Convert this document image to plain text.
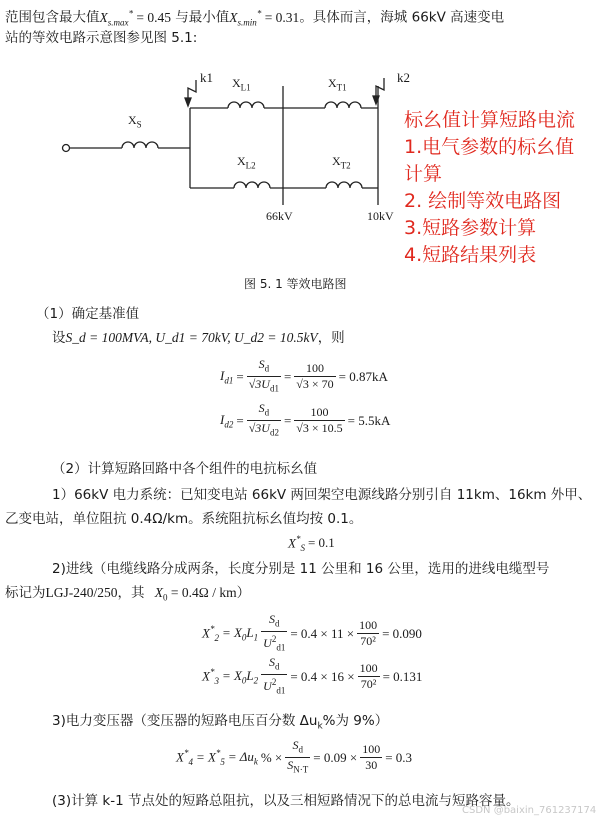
范围包含最大值$X_{s.max}^* = 0.45$ 与最小值$X_{s.min}^* = 0.31$。具体而言，海城 66kV 高速变电
站的等效电路示意图参见图 5.1:
k1	k2
$X_S$
$X_{L1}$	$X_{T1}$
$X_{L2}$	$X_{T2}$
66kV	10kV
图 5. 1 等效电路图
标幺值计算短路电流
1.电气参数的标幺值
计算
2. 绘制等效电路图
3.短路参数计算
4.短路结果列表
（1）确定基准值
设S_d = 100MVA, U_d1 = 70kV, U_d2 = 10.5kV，则
$I_{d1} = \frac{S_d}{√3U_{d1}} = \frac{100}{√3 \times 70} = 0.87kA$
$I_{d2} = \frac{S_d}{√3U_{d2}} = \frac{100}{√3 \times 10.5} = 5.5kA$
（2）计算短路回路中各个组件的电抗标幺值
1）66kV 电力系统：已知变电站 66kV 两回架空电源线路分别引自 11km、16km 外甲、
乙变电站，单位阻抗 0.4Ω/km。系统阻抗标幺值均按 0.1。
$X^*_S = 0.1$
2)进线（电缆线路分成两条，长度分别是 11 公里和 16 公里，选用的进线电缆型号
标记为LGJ-240/250，其 $X_0 = 0.4\Omega / km$）
$X^*_2 = X_0L_1 \frac{S_d}{U^2_{d1}} = 0.4 \times 11 \times \frac{100}{\text{70²}} = 0.090$
$X^*_3 = X_0L_2 \frac{S_d}{U^2_{d1}} = 0.4 \times 16 \times \frac{100}{\text{70²}} = 0.131$
3)电力变压器（变压器的短路电压百分数 $\Delta u_k\%$为 9%）
$X^*_4 = X^*_5 = \Delta u_k$ % × $\frac{S_d}{S_{N\cdot T}} = 0.09 \times \frac{100}{30} = 0.3$
(3)计算 k-1 节点处的短路总阻抗，以及三相短路情况下的总电流与短路容量。
CSDN @baixin_761237174
